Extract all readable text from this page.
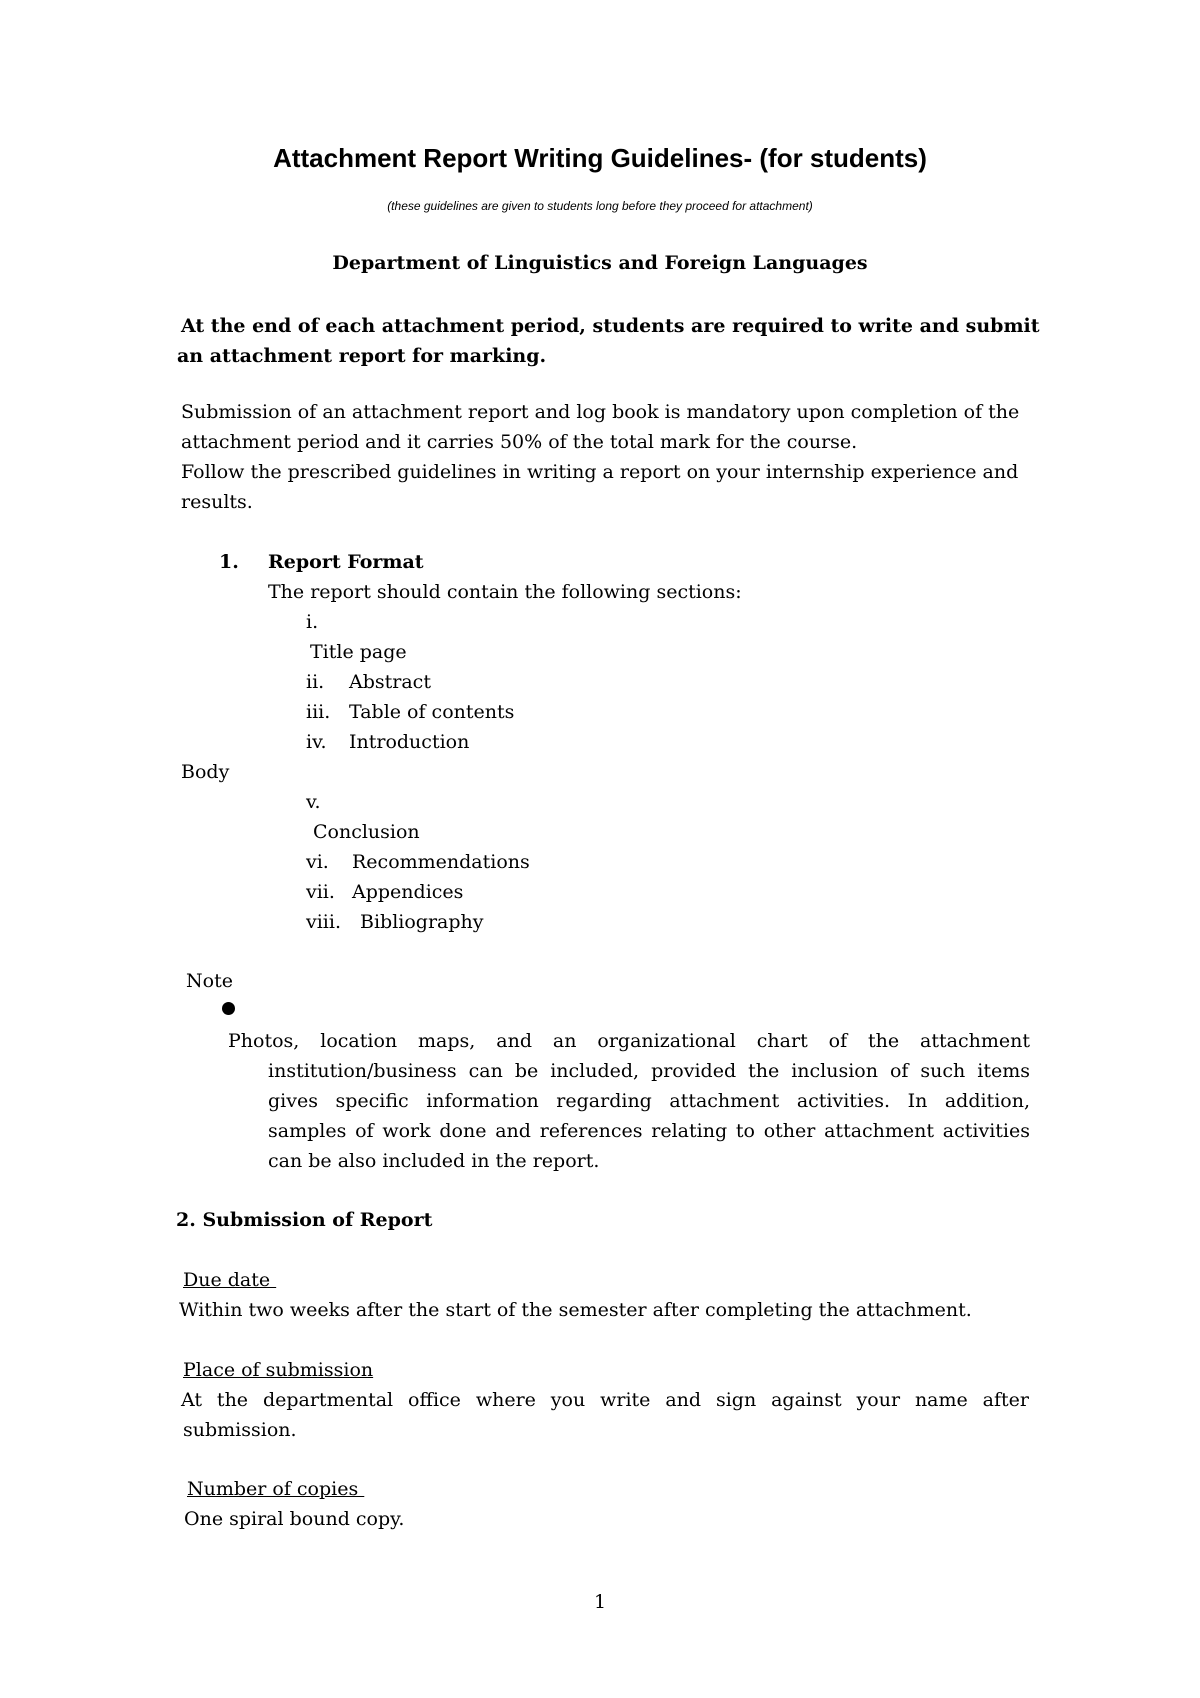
Attachment Report Writing Guidelines- (for students)
(these guidelines are given to students long before they proceed for attachment)
Department of Linguistics and Foreign Languages
At the end of each attachment period, students are required to write and submit
an attachment report for marking.
Submission of an attachment report and log book is mandatory upon completion of the
attachment period and it carries 50% of the total mark for the course.
Follow the prescribed guidelines in writing a report on your internship experience and
results.
1. Report Format
The report should contain the following sections:
i.
Title page
ii. Abstract
iii. Table of contents
iv. Introduction
Body
v.
Conclusion
vi. Recommendations
vii. Appendices
viii. Bibliography
Note
Photos, location maps, and an organizational chart of the attachment
institution/business can be included, provided the inclusion of such items
gives specific information regarding attachment activities. In addition,
samples of work done and references relating to other attachment activities
can be also included in the report.
2. Submission of Report
Due date
Within two weeks after the start of the semester after completing the attachment.
Place of submission
At the departmental office where you write and sign against your name after
submission.
Number of copies
One spiral bound copy.
1
